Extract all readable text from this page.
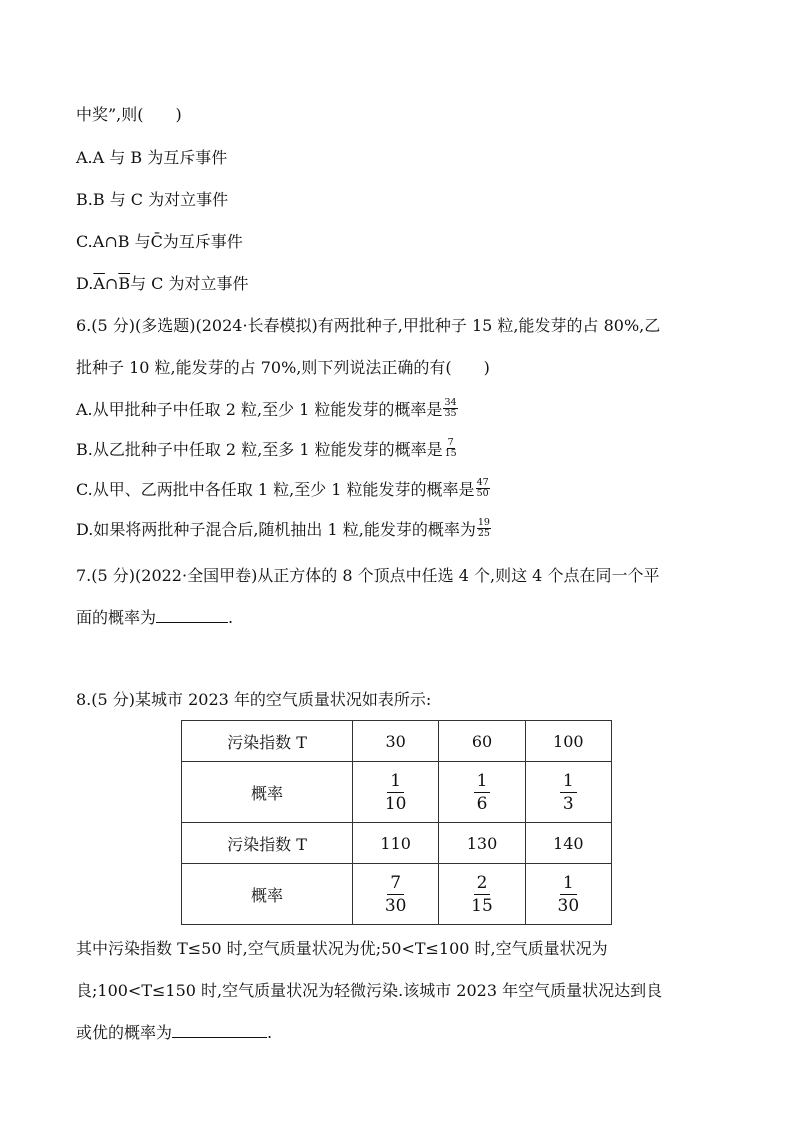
中奖”,则(　　)
A.A 与 B 为互斥事件
B.B 与 C 为对立事件
C.A∩B 与C̄为互斥事件
$D.\overline{A}\cap\overline{B}$与 C 为对立事件
6.(5 分)(多选题)(2024·长春模拟)有两批种子,甲批种子 15 粒,能发芽的占 80%,乙
批种子 10 粒,能发芽的占 70%,则下列说法正确的有(　　)
A.从甲批种子中任取 2 粒,至少 1 粒能发芽的概率是 $\frac{34}{35}$
B.从乙批种子中任取 2 粒,至多 1 粒能发芽的概率是 $\frac{7}{15}$
C.从甲、乙两批中各任取 1 粒,至少 1 粒能发芽的概率是 $\frac{47}{50}$
D.如果将两批种子混合后,随机抽出 1 粒,能发芽的概率为 $\frac{19}{25}$
7.(5 分)(2022·全国甲卷)从正方体的 8 个顶点中任选 4 个,则这 4 个点在同一个平
面的概率为	.
8.(5 分)某城市 2023 年的空气质量状况如表所示:
污染指数 T	30	60	100
概率	$\frac{1}{10}$	$\frac{1}{6}$	$\frac{1}{3}$

污染指数 T	110	130	140
概率	$\frac{7}{30}$	$\frac{2}{15}$	$\frac{1}{30}$
其中污染指数 T≤50 时,空气质量状况为优;50<T≤100 时,空气质量状况为
良;100<T≤150 时,空气质量状况为轻微污染.该城市 2023 年空气质量状况达到良
或优的概率为	.
